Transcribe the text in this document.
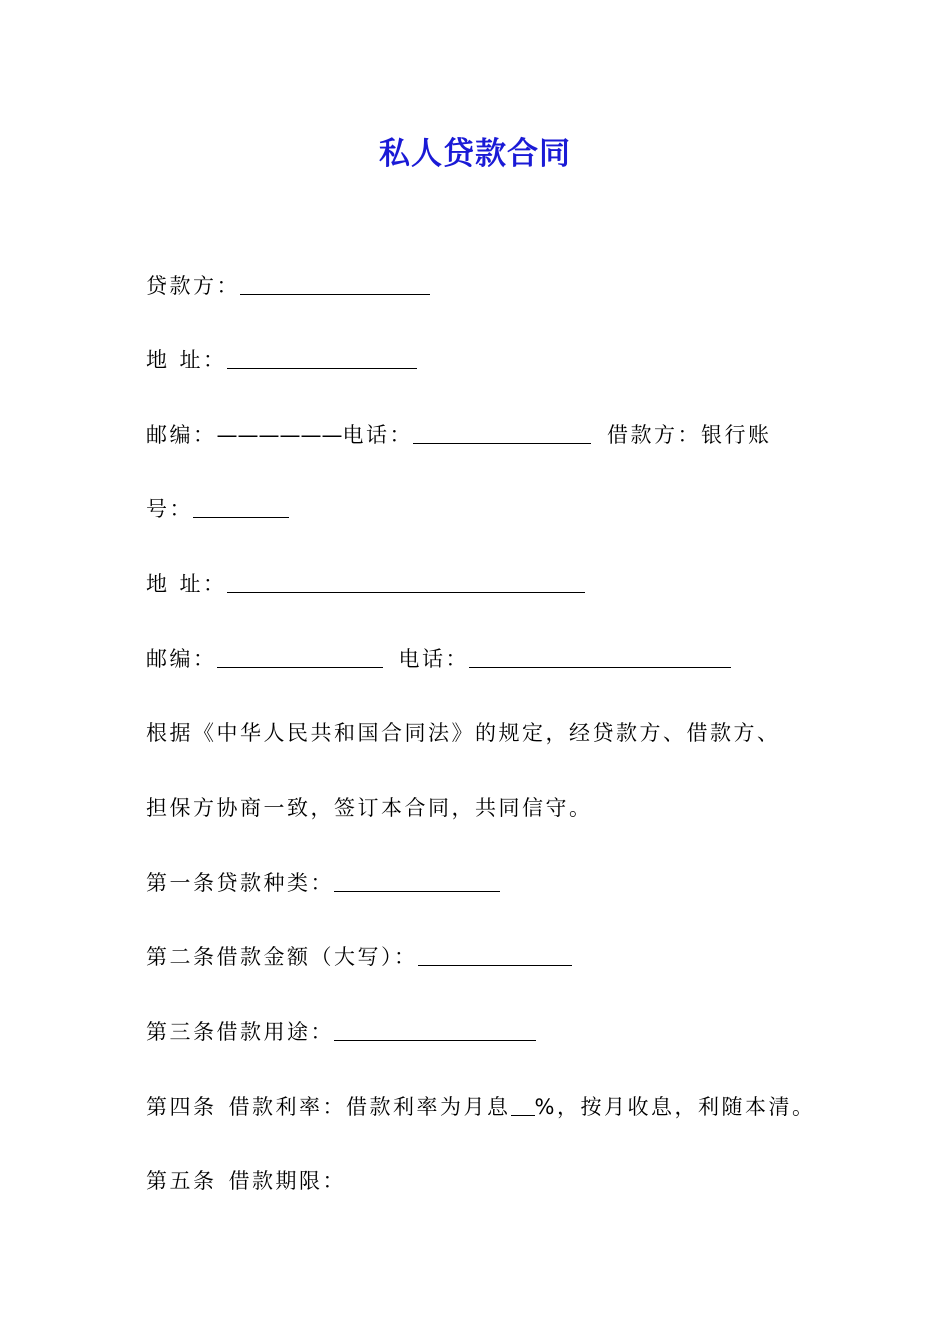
私人贷款合同
贷款方：
地 址：
邮编：——————电话：	借款方：银行账
号：
地 址：
邮编：	电话：
根据《中华人民共和国合同法》的规定，经贷款方、借款方、
担保方协商一致，签订本合同，共同信守。
第一条贷款种类：
第二条借款金额（大写）：
第三条借款用途：
第四条 借款利率：借款利率为月息 %，按月收息，利随本清。
第五条 借款期限：
